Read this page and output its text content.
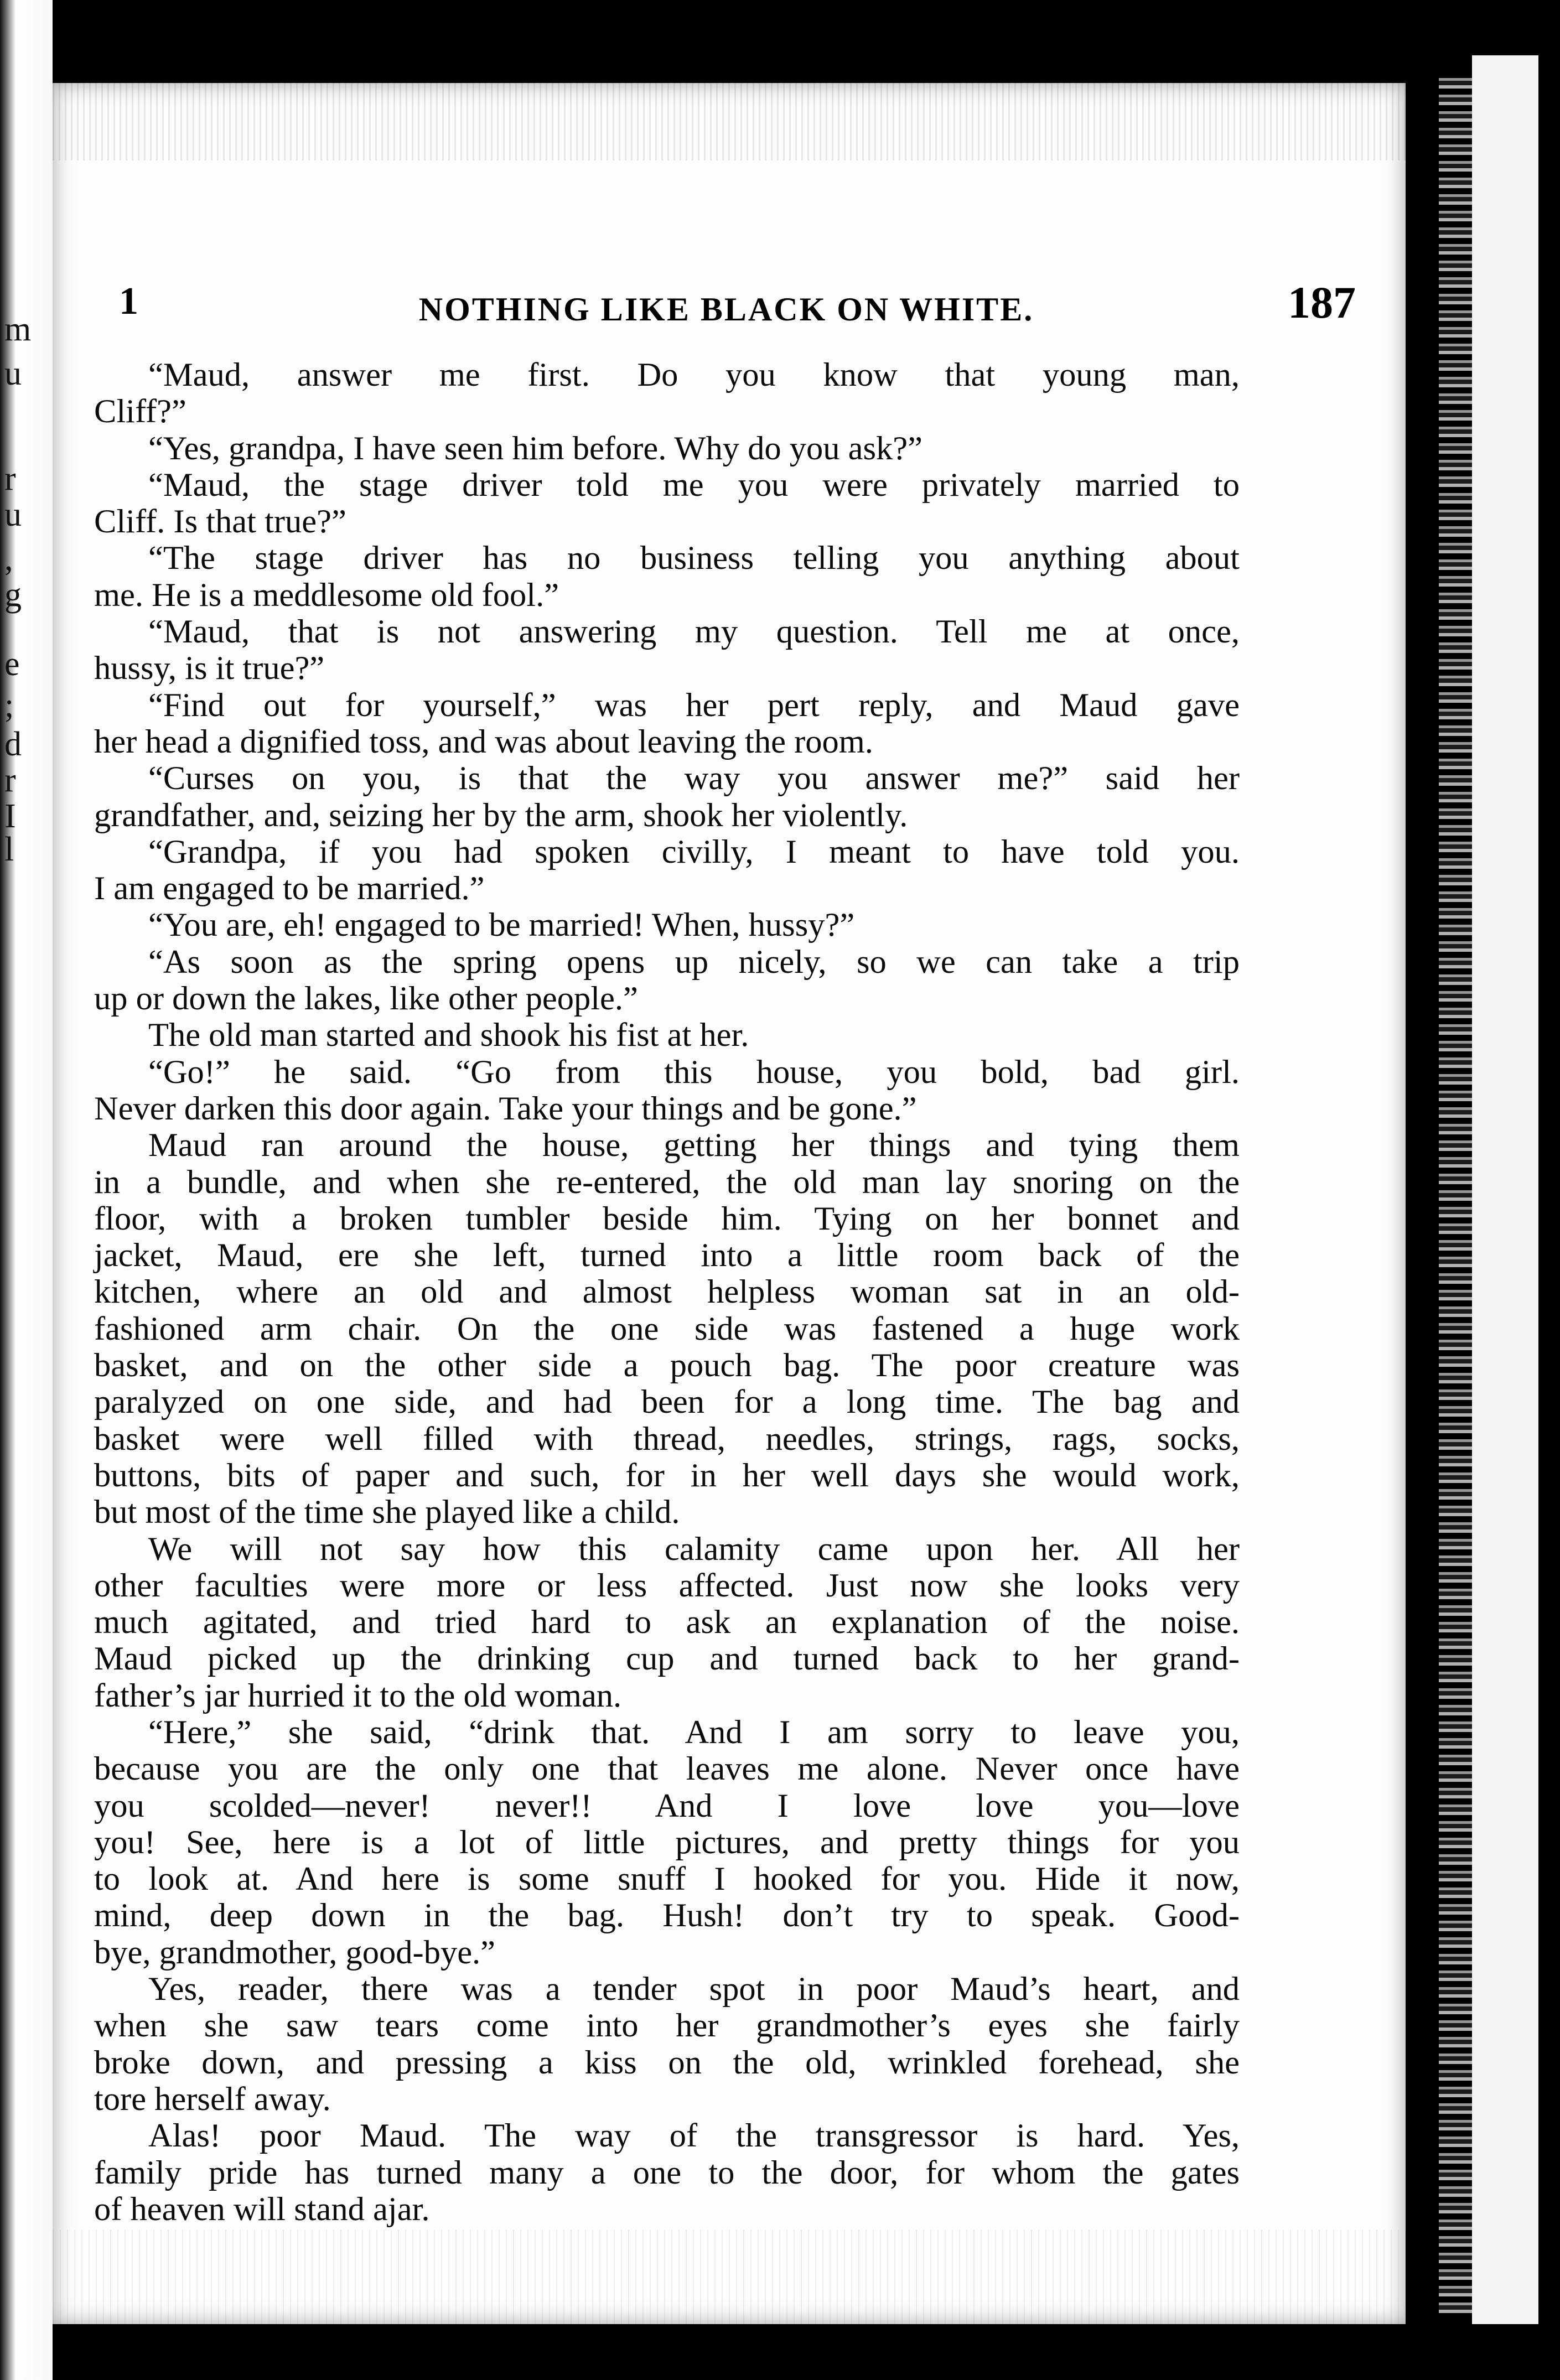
m
u
r
u
,
g
e
;
d
r
I
l
1	NOTHING LIKE BLACK ON WHITE.	187
“Maud, answer me first. Do you know that young man,
Cliff?”
“Yes, grandpa, I have seen him before. Why do you ask?”
“Maud, the stage driver told me you were privately married to
Cliff. Is that true?”
“The stage driver has no business telling you anything about
me. He is a meddlesome old fool.”
“Maud, that is not answering my question. Tell me at once,
hussy, is it true?”
“Find out for yourself,” was her pert reply, and Maud gave
her head a dignified toss, and was about leaving the room.
“Curses on you, is that the way you answer me?” said her
grandfather, and, seizing her by the arm, shook her violently.
“Grandpa, if you had spoken civilly, I meant to have told you.
I am engaged to be married.”
“You are, eh! engaged to be married! When, hussy?”
“As soon as the spring opens up nicely, so we can take a trip
up or down the lakes, like other people.”
The old man started and shook his fist at her.
“Go!” he said. “Go from this house, you bold, bad girl.
Never darken this door again. Take your things and be gone.”
Maud ran around the house, getting her things and tying them
in a bundle, and when she re-entered, the old man lay snoring on the
floor, with a broken tumbler beside him. Tying on her bonnet and
jacket, Maud, ere she left, turned into a little room back of the
kitchen, where an old and almost helpless woman sat in an old-
fashioned arm chair. On the one side was fastened a huge work
basket, and on the other side a pouch bag. The poor creature was
paralyzed on one side, and had been for a long time. The bag and
basket were well filled with thread, needles, strings, rags, socks,
buttons, bits of paper and such, for in her well days she would work,
but most of the time she played like a child.
We will not say how this calamity came upon her. All her
other faculties were more or less affected. Just now she looks very
much agitated, and tried hard to ask an explanation of the noise.
Maud picked up the drinking cup and turned back to her grand-
father’s jar hurried it to the old woman.
“Here,” she said, “drink that. And I am sorry to leave you,
because you are the only one that leaves me alone. Never once have
you scolded—never! never!! And I love love you—love
you! See, here is a lot of little pictures, and pretty things for you
to look at. And here is some snuff I hooked for you. Hide it now,
mind, deep down in the bag. Hush! don’t try to speak. Good-
bye, grandmother, good-bye.”
Yes, reader, there was a tender spot in poor Maud’s heart, and
when she saw tears come into her grandmother’s eyes she fairly
broke down, and pressing a kiss on the old, wrinkled forehead, she
tore herself away.
Alas! poor Maud. The way of the transgressor is hard. Yes,
family pride has turned many a one to the door, for whom the gates
of heaven will stand ajar.
